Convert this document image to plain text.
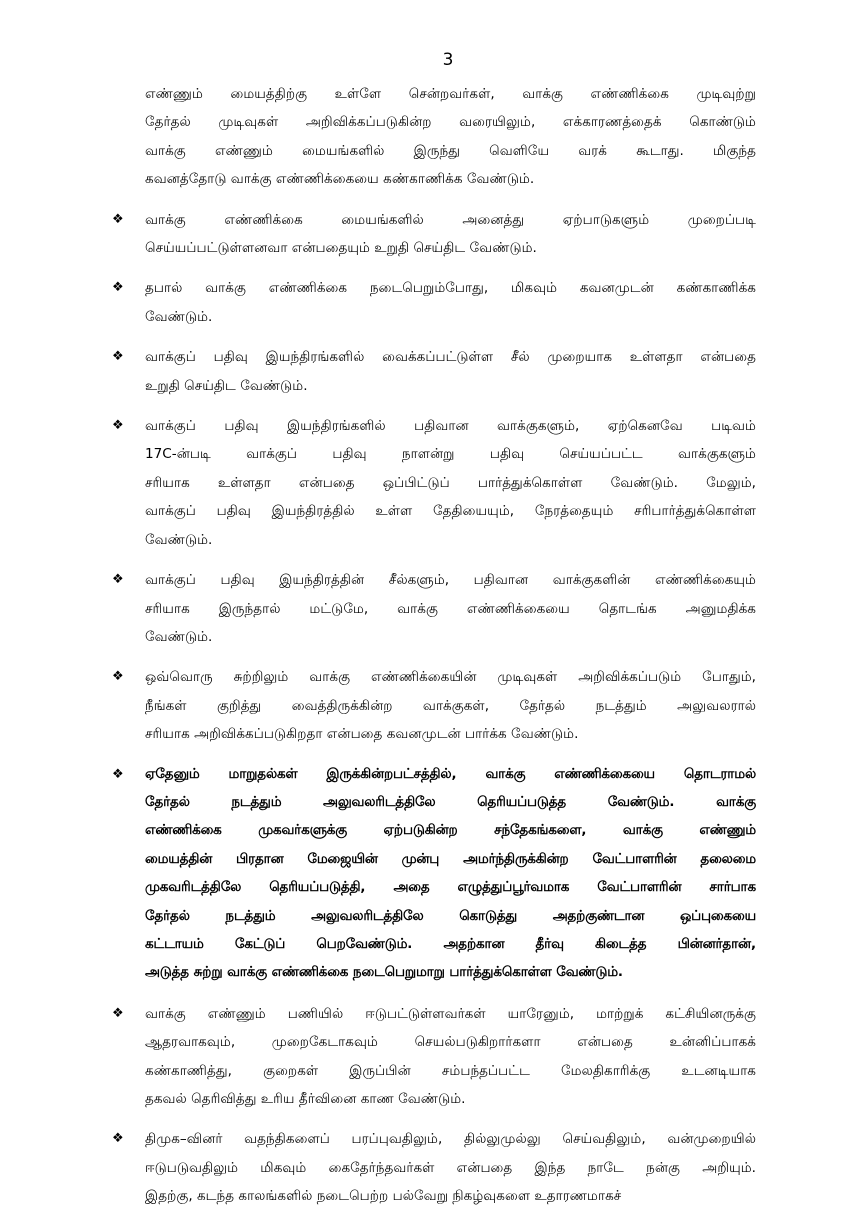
3
எண்ணும் மையத்திற்கு உள்ளே சென்றவர்கள், வாக்கு எண்ணிக்கை முடிவுற்று
தேர்தல் முடிவுகள் அறிவிக்கப்படுகின்ற வரையிலும், எக்காரணத்தைக் கொண்டும்
வாக்கு எண்ணும் மையங்களில் இருந்து வெளியே வரக் கூடாது. மிகுந்த
கவனத்தோடு வாக்கு எண்ணிக்கையை கண்காணிக்க வேண்டும்.
❖	வாக்கு எண்ணிக்கை மையங்களில் அனைத்து ஏற்பாடுகளும் முறைப்படி
செய்யப்பட்டுள்ளனவா என்பதையும் உறுதி செய்திட வேண்டும்.
❖	தபால் வாக்கு எண்ணிக்கை நடைபெறும்போது, மிகவும் கவனமுடன் கண்காணிக்க
வேண்டும்.
❖	வாக்குப் பதிவு இயந்திரங்களில் வைக்கப்பட்டுள்ள சீல் முறையாக உள்ளதா என்பதை
உறுதி செய்திட வேண்டும்.
❖	வாக்குப் பதிவு இயந்திரங்களில் பதிவான வாக்குகளும், ஏற்கெனவே படிவம்
17C-ன்படி வாக்குப் பதிவு நாளன்று பதிவு செய்யப்பட்ட வாக்குகளும்
சரியாக உள்ளதா என்பதை ஒப்பிட்டுப் பார்த்துக்கொள்ள வேண்டும். மேலும்,
வாக்குப் பதிவு இயந்திரத்தில் உள்ள தேதியையும், நேரத்தையும் சரிபார்த்துக்கொள்ள
வேண்டும்.
❖	வாக்குப் பதிவு இயந்திரத்தின் சீல்களும், பதிவான வாக்குகளின் எண்ணிக்கையும்
சரியாக இருந்தால் மட்டுமே, வாக்கு எண்ணிக்கையை தொடங்க அனுமதிக்க
வேண்டும்.
❖	ஒவ்வொரு சுற்றிலும் வாக்கு எண்ணிக்கையின் முடிவுகள் அறிவிக்கப்படும் போதும்,
நீங்கள் குறித்து வைத்திருக்கின்ற வாக்குகள், தேர்தல் நடத்தும் அலுவலரால்
சரியாக அறிவிக்கப்படுகிறதா என்பதை கவனமுடன் பார்க்க வேண்டும்.
❖	ஏதேனும் மாறுதல்கள் இருக்கின்றபட்சத்தில், வாக்கு எண்ணிக்கையை தொடராமல்
தேர்தல் நடத்தும் அலுவலரிடத்திலே தெரியப்படுத்த வேண்டும். வாக்கு
எண்ணிக்கை முகவர்களுக்கு ஏற்படுகின்ற சந்தேகங்களை, வாக்கு எண்ணும்
மையத்தின் பிரதான மேஜையின் முன்பு அமர்ந்திருக்கின்ற வேட்பாளரின் தலைமை
முகவரிடத்திலே தெரியப்படுத்தி, அதை எழுத்துப்பூர்வமாக வேட்பாளரின் சார்பாக
தேர்தல் நடத்தும் அலுவலரிடத்திலே கொடுத்து அதற்குண்டான ஒப்புகையை
கட்டாயம் கேட்டுப் பெறவேண்டும். அதற்கான தீர்வு கிடைத்த பின்னர்தான்,
அடுத்த சுற்று வாக்கு எண்ணிக்கை நடைபெறுமாறு பார்த்துக்கொள்ள வேண்டும்.
❖	வாக்கு எண்ணும் பணியில் ஈடுபட்டுள்ளவர்கள் யாரேனும், மாற்றுக் கட்சியினருக்கு
ஆதரவாகவும், முறைகேடாகவும் செயல்படுகிறார்களா என்பதை உன்னிப்பாகக்
கண்காணித்து, குறைகள் இருப்பின் சம்பந்தப்பட்ட மேலதிகாரிக்கு உடனடியாக
தகவல் தெரிவித்து உரிய தீர்வினை காண வேண்டும்.
❖	திமுக–வினர் வதந்திகளைப் பரப்புவதிலும், தில்லுமுல்லு செய்வதிலும், வன்முறையில்
ஈடுபடுவதிலும் மிகவும் கைதேர்ந்தவர்கள் என்பதை இந்த நாடே நன்கு அறியும்.
இதற்கு, கடந்த காலங்களில் நடைபெற்ற பல்வேறு நிகழ்வுகளை உதாரணமாகச்
